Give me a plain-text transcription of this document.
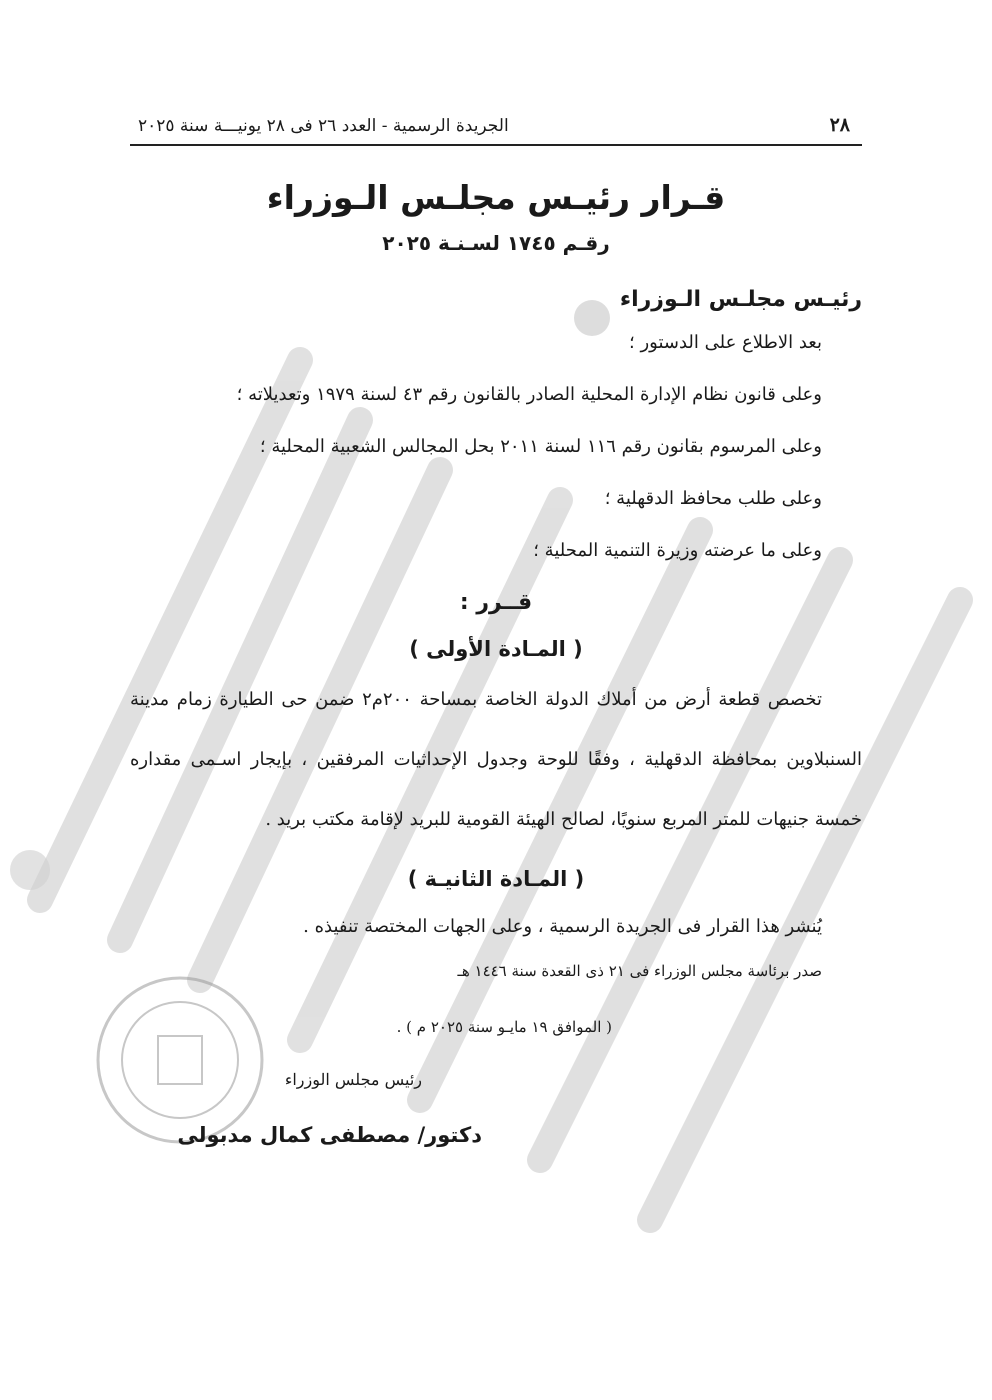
٢٨
الجريدة الرسمية - العدد ٢٦ فى ٢٨ يونيـــة سنة ٢٠٢٥
قـرار رئيـس مجلـس الـوزراء
رقـم ١٧٤٥ لسـنـة ٢٠٢٥
رئيـس مجلـس الـوزراء
بعد الاطلاع على الدستور ؛
وعلى قانون نظام الإدارة المحلية الصادر بالقانون رقم ٤٣ لسنة ١٩٧٩ وتعديلاته ؛
وعلى المرسوم بقانون رقم ١١٦ لسنة ٢٠١١ بحل المجالس الشعبية المحلية ؛
وعلى طلب محافظ الدقهلية ؛
وعلى ما عرضته وزيرة التنمية المحلية ؛
قــرر :
( المـادة الأولى )
تخصص قطعة أرض من أملاك الدولة الخاصة بمساحة ٢٠٠م٢ ضمن حى الطيارة زمام مدينة السنبلاوين بمحافظة الدقهلية ، وفقًا للوحة وجدول الإحداثيات المرفقين ، بإيجار اسـمى مقداره خمسة جنيهات للمتر المربع سنويًا، لصالح الهيئة القومية للبريد لإقامة مكتب بريد .
( المـادة الثانيـة )
يُنشر هذا القرار فى الجريدة الرسمية ، وعلى الجهات المختصة تنفيذه .
صدر برئاسة مجلس الوزراء فى ٢١ ذى القعدة سنة ١٤٤٦ هـ
( الموافق ١٩ مايـو سنة ٢٠٢٥ م ) .
رئيس مجلس الوزراء
دكتور/ مصطفى كمال مدبولى
